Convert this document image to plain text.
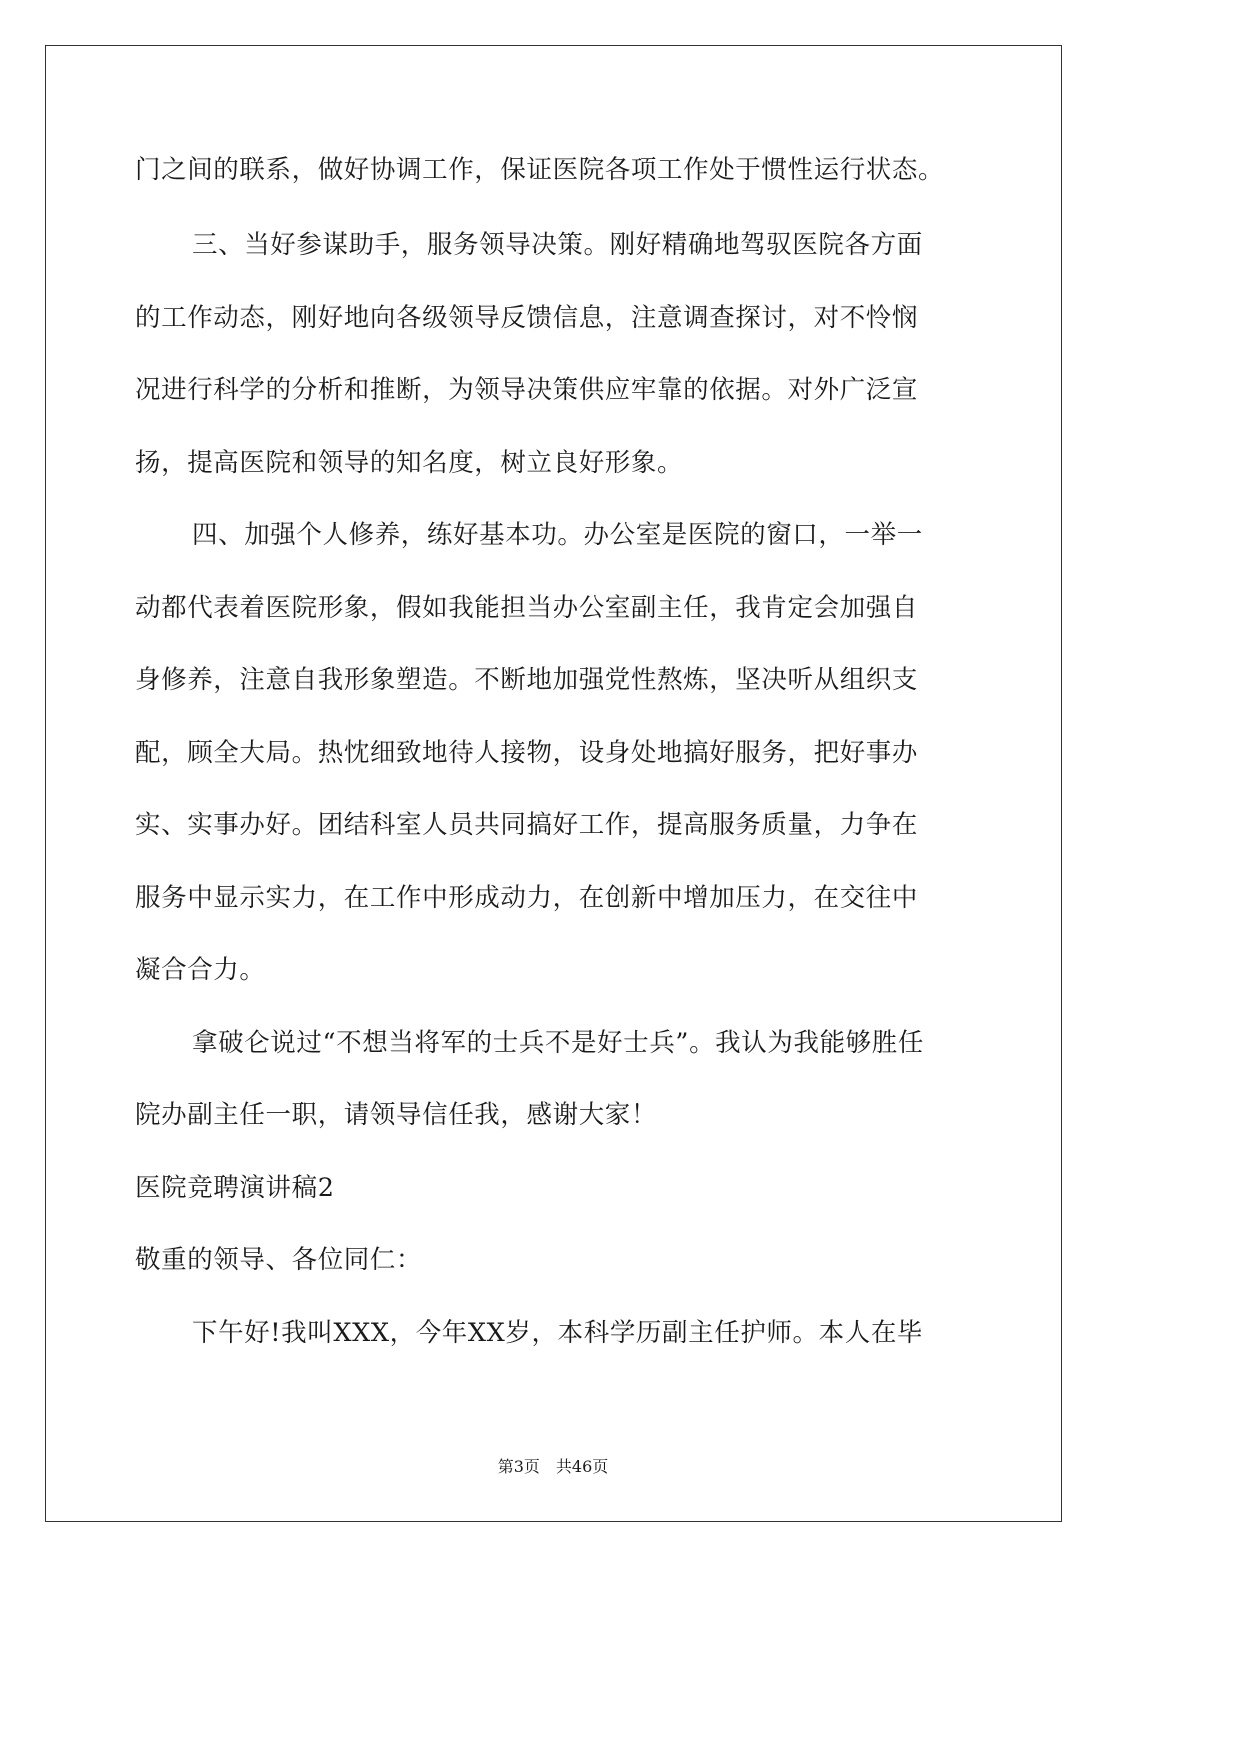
门之间的联系，做好协调工作，保证医院各项工作处于惯性运行状态。
三、当好参谋助手，服务领导决策。刚好精确地驾驭医院各方面
的工作动态，刚好地向各级领导反馈信息，注意调查探讨，对不怜悯
况进行科学的分析和推断，为领导决策供应牢靠的依据。对外广泛宣
扬，提高医院和领导的知名度，树立良好形象。
四、加强个人修养，练好基本功。办公室是医院的窗口，一举一
动都代表着医院形象，假如我能担当办公室副主任，我肯定会加强自
身修养，注意自我形象塑造。不断地加强党性熬炼，坚决听从组织支
配，顾全大局。热忱细致地待人接物，设身处地搞好服务，把好事办
实、实事办好。团结科室人员共同搞好工作，提高服务质量，力争在
服务中显示实力，在工作中形成动力，在创新中增加压力，在交往中
凝合合力。
拿破仑说过“不想当将军的士兵不是好士兵”。我认为我能够胜任
院办副主任一职，请领导信任我，感谢大家！
医院竞聘演讲稿2
敬重的领导、各位同仁：
下午好!我叫XXX，今年XX岁，本科学历副主任护师。本人在毕
第3页 共46页
